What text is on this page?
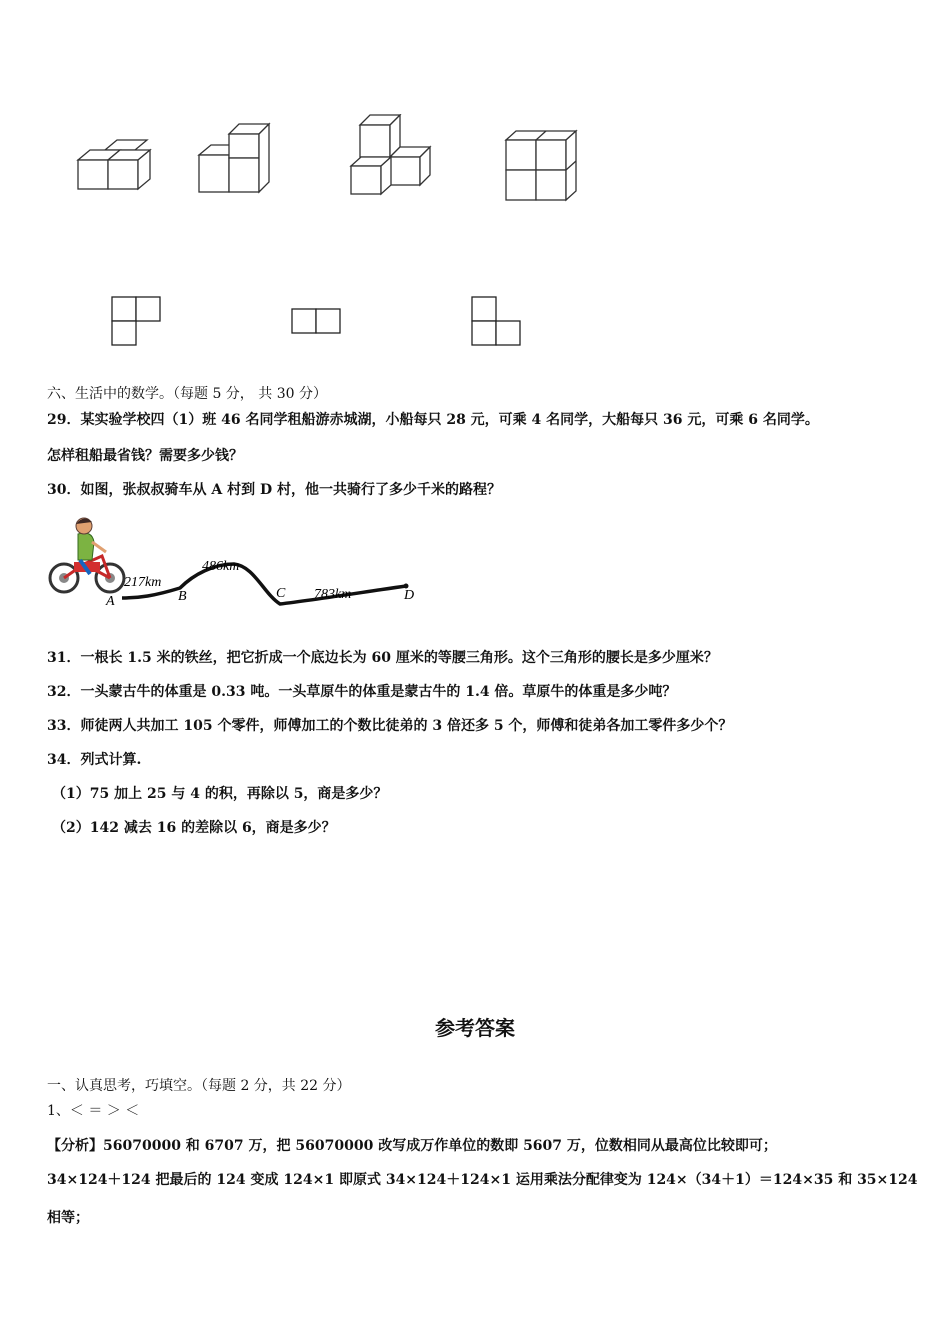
六、生活中的数学。（每题 5 分， 共 30 分）
29．某实验学校四（1）班 46 名同学租船游赤城湖，小船每只 28 元，可乘 4 名同学，大船每只 36 元，可乘 6 名同学。
怎样租船最省钱？需要多少钱？
30．如图，张叔叔骑车从 A 村到 D 村，他一共骑行了多少千米的路程？
A	B	C	D
217km
486km
783km
31．一根长 1.5 米的铁丝，把它折成一个底边长为 60 厘米的等腰三角形。这个三角形的腰长是多少厘米？
32．一头蒙古牛的体重是 0.33 吨。一头草原牛的体重是蒙古牛的 1.4 倍。草原牛的体重是多少吨？
33．师徒两人共加工 105 个零件，师傅加工的个数比徒弟的 3 倍还多 5 个，师傅和徒弟各加工零件多少个？
34．列式计算.
（1）75 加上 25 与 4 的积，再除以 5，商是多少？
（2）142 减去 16 的差除以 6，商是多少？
参考答案
一、认真思考，巧填空。（每题 2 分，共 22 分）
1、＜ ＝ ＞ ＜
【分析】56070000 和 6707 万，把 56070000 改写成万作单位的数即 5607 万，位数相同从最高位比较即可；
34×124＋124 把最后的 124 变成 124×1 即原式 34×124＋124×1 运用乘法分配律变为 124×（34＋1）＝124×35 和 35×124
相等；
